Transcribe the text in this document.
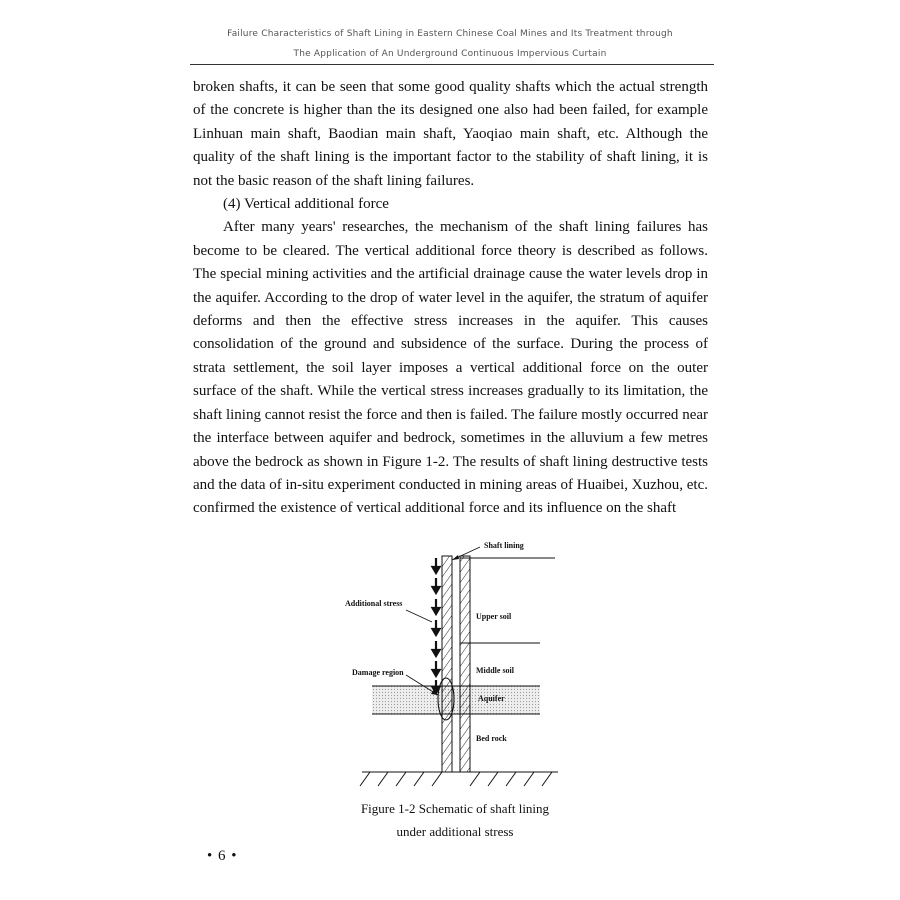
Failure Characteristics of Shaft Lining in Eastern Chinese Coal Mines and Its Treatment through
The Application of An Underground Continuous Impervious Curtain

broken shafts, it can be seen that some good quality shafts which the actual strength of the concrete is higher than the its designed one also had been failed, for example Linhuan main shaft, Baodian main shaft, Yaoqiao main shaft, etc. Although the quality of the shaft lining is the important factor to the stability of shaft lining, it is not the basic reason of the shaft lining failures.

(4) Vertical additional force

After many years' researches, the mechanism of the shaft lining failures has become to be cleared. The vertical additional force theory is described as follows. The special mining activities and the artificial drainage cause the water levels drop in the aquifer. According to the drop of water level in the aquifer, the stratum of aquifer deforms and then the effective stress increases in the aquifer. This causes consolidation of the ground and subsidence of the surface. During the process of strata settlement, the soil layer imposes a vertical additional force on the outer surface of the shaft. While the vertical stress increases gradually to its limitation, the shaft lining cannot resist the force and then is failed. The failure mostly occurred near the interface between aquifer and bedrock, sometimes in the alluvium a few metres above the bedrock as shown in Figure 1-2. The results of shaft lining destructive tests and the data of in-situ experiment conducted in mining areas of Huaibei, Xuzhou, etc. confirmed the existence of vertical additional force and its influence on the shaft

Shaft lining
Additional stress
Upper soil
Middle soil
Damage region
Aquifer
Bed rock
Figure 1-2 Schematic of shaft lining
under additional stress
• 6 •
